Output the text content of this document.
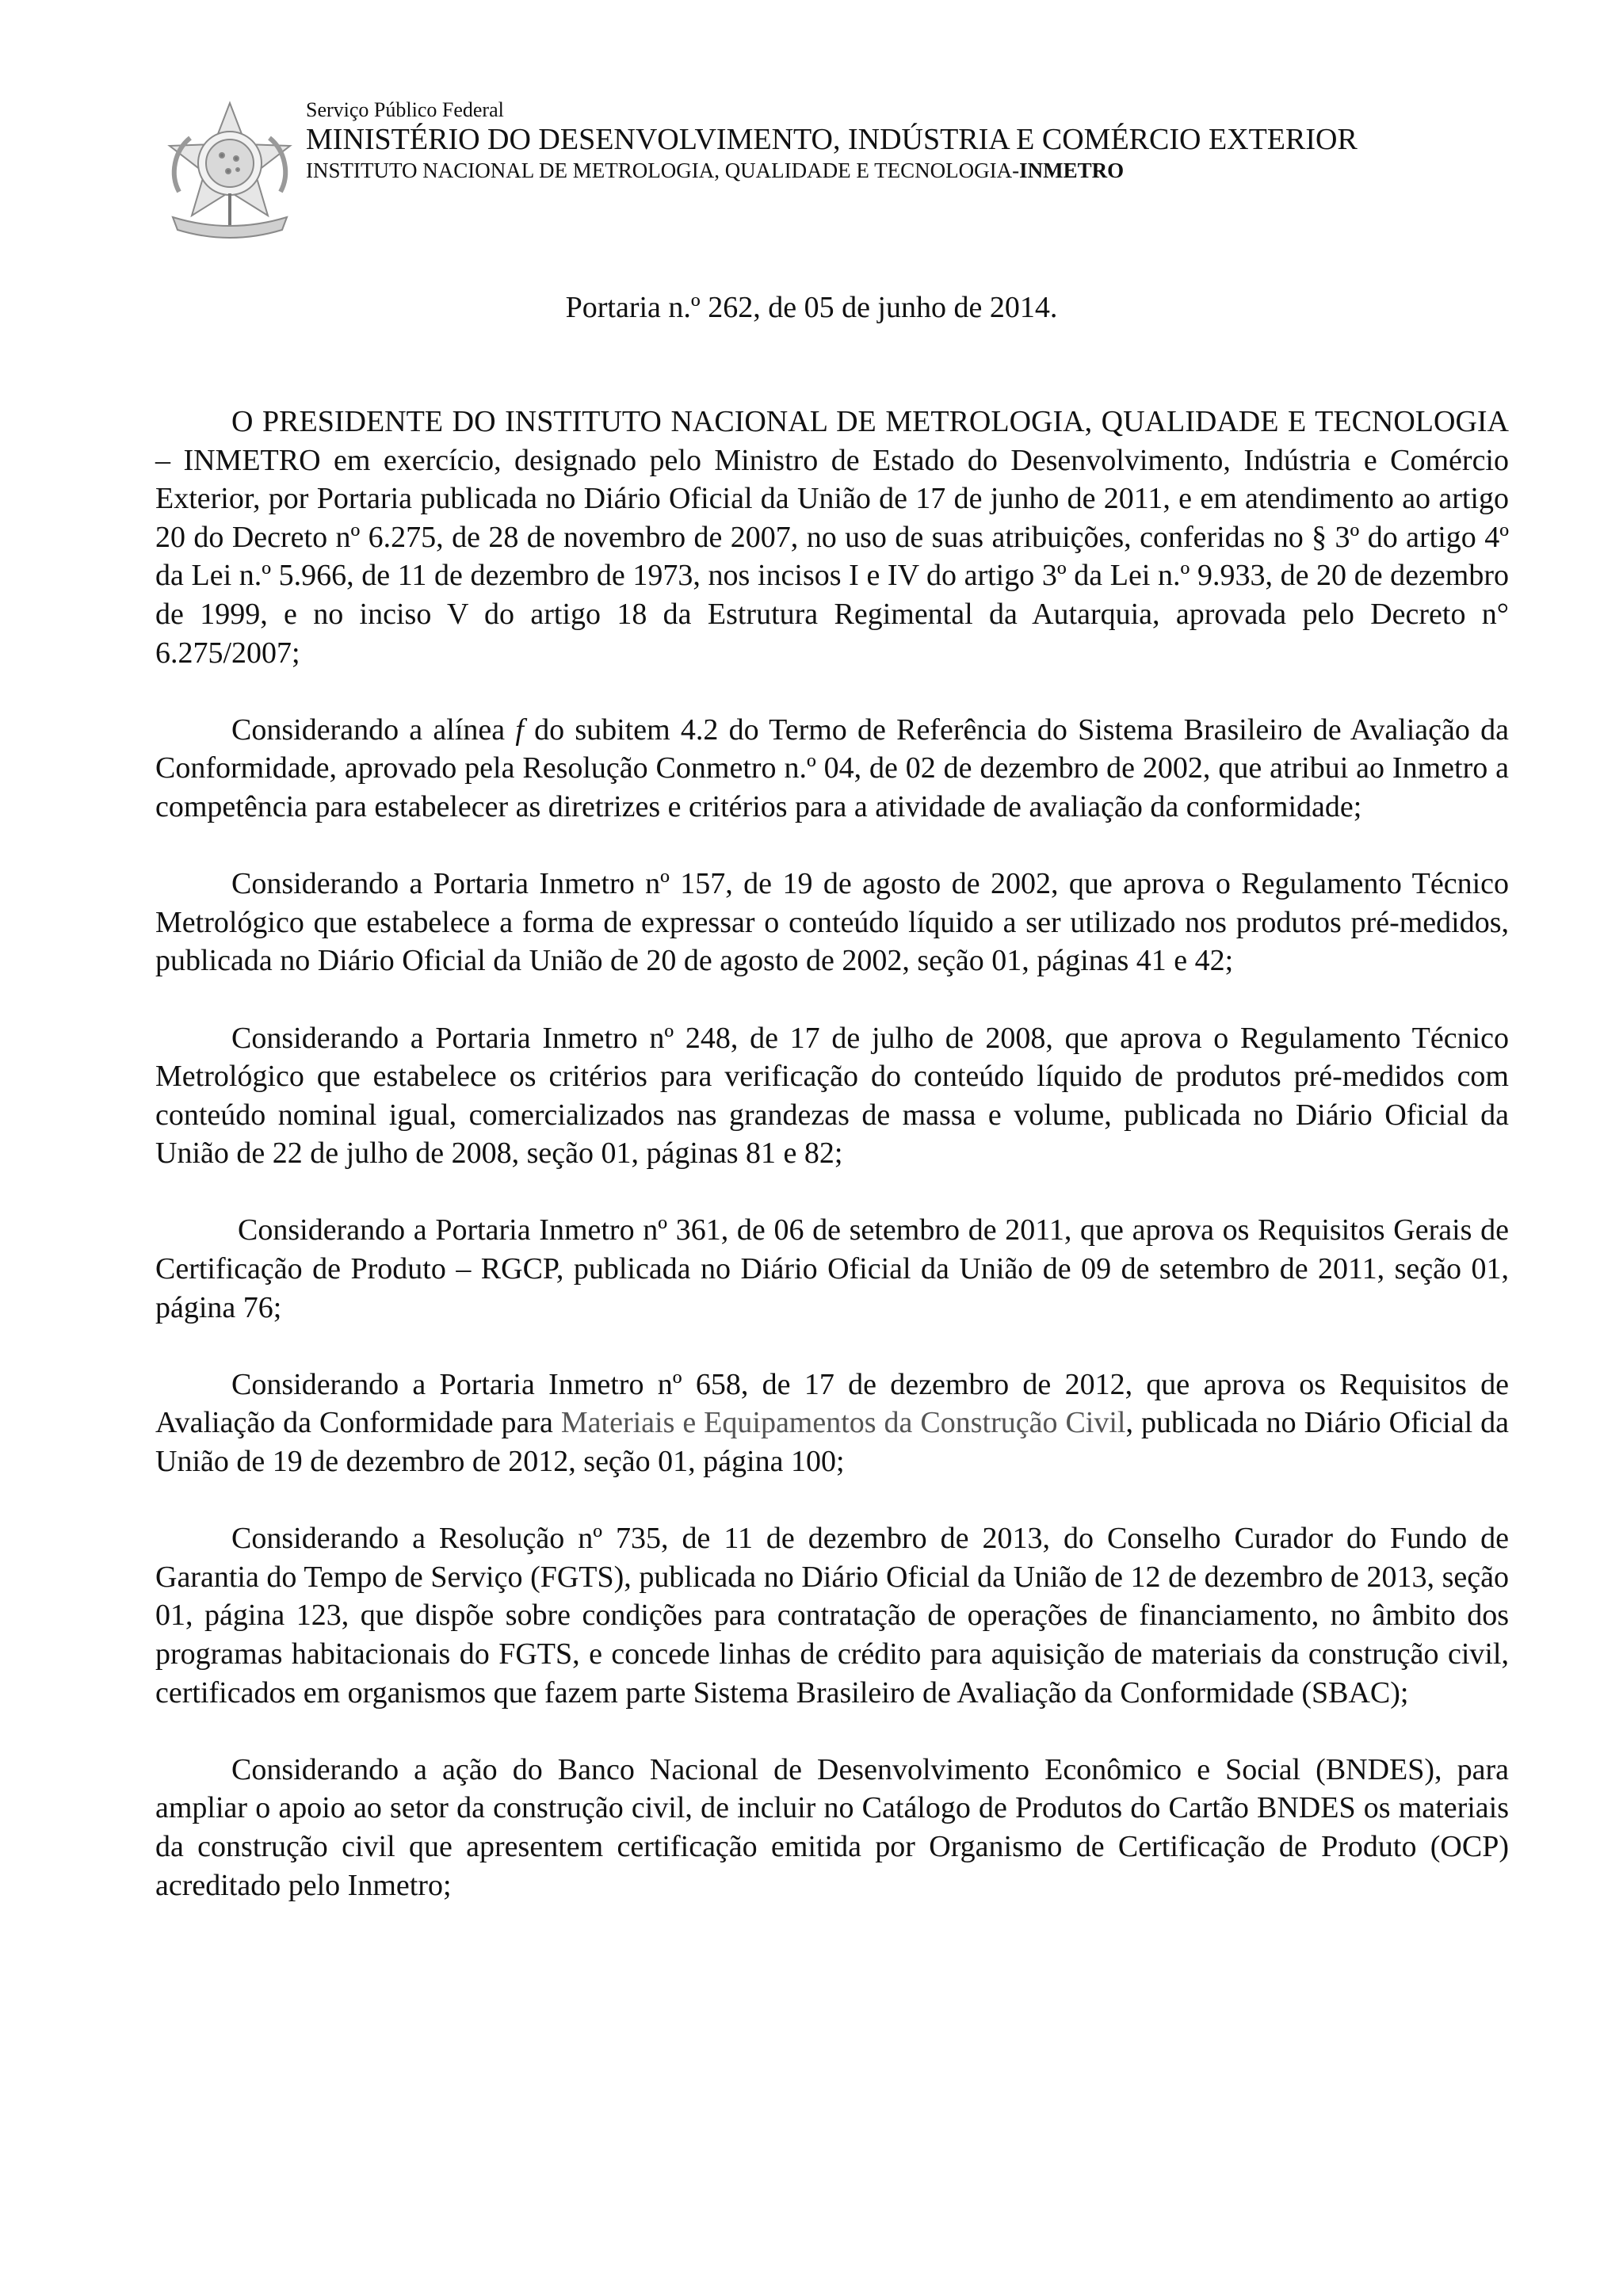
Serviço Público Federal

MINISTÉRIO DO DESENVOLVIMENTO, INDÚSTRIA E COMÉRCIO EXTERIOR

INSTITUTO NACIONAL DE METROLOGIA, QUALIDADE E TECNOLOGIA-INMETRO

Portaria n.º 262, de 05 de junho de 2014.

O PRESIDENTE DO INSTITUTO NACIONAL DE METROLOGIA, QUALIDADE E TECNOLOGIA – INMETRO em exercício, designado pelo Ministro de Estado do Desenvolvimento, Indústria e Comércio Exterior, por Portaria publicada no Diário Oficial da União de 17 de junho de 2011, e em atendimento ao artigo 20 do Decreto nº 6.275, de 28 de novembro de 2007, no uso de suas atribuições, conferidas no § 3º do artigo 4º da Lei n.º 5.966, de 11 de dezembro de 1973, nos incisos I e IV do artigo 3º da Lei n.º 9.933, de 20 de dezembro de 1999, e no inciso V do artigo 18 da Estrutura Regimental da Autarquia, aprovada pelo Decreto n° 6.275/2007;

Considerando a alínea f do subitem 4.2 do Termo de Referência do Sistema Brasileiro de Avaliação da Conformidade, aprovado pela Resolução Conmetro n.º 04, de 02 de dezembro de 2002, que atribui ao Inmetro a competência para estabelecer as diretrizes e critérios para a atividade de avaliação da conformidade;

Considerando a Portaria Inmetro nº 157, de 19 de agosto de 2002, que aprova o Regulamento Técnico Metrológico que estabelece a forma de expressar o conteúdo líquido a ser utilizado nos produtos pré-medidos, publicada no Diário Oficial da União de 20 de agosto de 2002, seção 01, páginas 41 e 42;

Considerando a Portaria Inmetro nº 248, de 17 de julho de 2008, que aprova o Regulamento Técnico Metrológico que estabelece os critérios para verificação do conteúdo líquido de produtos pré-medidos com conteúdo nominal igual, comercializados nas grandezas de massa e volume, publicada no Diário Oficial da União de 22 de julho de 2008, seção 01, páginas 81 e 82;

Considerando a Portaria Inmetro nº 361, de 06 de setembro de 2011, que aprova os Requisitos Gerais de Certificação de Produto – RGCP, publicada no Diário Oficial da União de 09 de setembro de 2011, seção 01, página 76;

Considerando a Portaria Inmetro nº 658, de 17 de dezembro de 2012, que aprova os Requisitos de Avaliação da Conformidade para Materiais e Equipamentos da Construção Civil, publicada no Diário Oficial da União de 19 de dezembro de 2012, seção 01, página 100;

Considerando a Resolução nº 735, de 11 de dezembro de 2013, do Conselho Curador do Fundo de Garantia do Tempo de Serviço (FGTS), publicada no Diário Oficial da União de 12 de dezembro de 2013, seção 01, página 123, que dispõe sobre condições para contratação de operações de financiamento, no âmbito dos programas habitacionais do FGTS, e concede linhas de crédito para aquisição de materiais da construção civil, certificados em organismos que fazem parte Sistema Brasileiro de Avaliação da Conformidade (SBAC);

Considerando a ação do Banco Nacional de Desenvolvimento Econômico e Social (BNDES), para ampliar o apoio ao setor da construção civil, de incluir no Catálogo de Produtos do Cartão BNDES os materiais da construção civil que apresentem certificação emitida por Organismo de Certificação de Produto (OCP) acreditado pelo Inmetro;
